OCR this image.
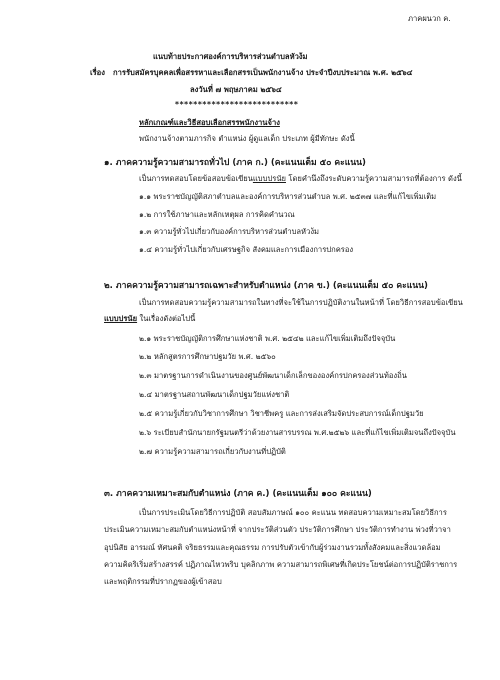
ภาคผนวก ค.
แนบท้ายประกาศองค์การบริหารส่วนตำบลหัวง้ม
เรื่อง การรับสมัครบุคคลเพื่อสรรหาและเลือกสรรเป็นพนักงานจ้าง ประจำปีงบประมาณ พ.ศ. ๒๕๖๔
ลงวันที่ ๗ พฤษภาคม ๒๕๖๔
***************************
หลักเกณฑ์และวิธีสอบเลือกสรรพนักงานจ้าง
พนักงานจ้างตามภารกิจ ตำแหน่ง ผู้ดูแลเด็ก ประเภท ผู้มีทักษะ ดังนี้
๑. ภาคความรู้ความสามารถทั่วไป (ภาค ก.) (คะแนนเต็ม ๕๐ คะแนน)
เป็นการทดสอบโดยข้อสอบข้อเขียนแบบปรนัย โดยคำนึงถึงระดับความรู้ความสามารถที่ต้องการ ดังนี้
๑.๑ พระราชบัญญัติสภาตำบลและองค์การบริหารส่วนตำบล พ.ศ. ๒๕๓๗ และที่แก้ไขเพิ่มเติม
๑.๒ การใช้ภาษาและหลักเหตุผล การคิดคำนวณ
๑.๓ ความรู้ทั่วไปเกี่ยวกับองค์การบริหารส่วนตำบลหัวง้ม
๑.๔ ความรู้ทั่วไปเกี่ยวกับเศรษฐกิจ สังคมและการเมืองการปกครอง
๒. ภาคความรู้ความสามารถเฉพาะสำหรับตำแหน่ง (ภาค ข.) (คะแนนเต็ม ๕๐ คะแนน)
เป็นการทดสอบความรู้ความสามารถในทางที่จะใช้ในการปฏิบัติงานในหน้าที่ โดยวิธีการสอบข้อเขียน
แบบปรนัย ในเรื่องดังต่อไปนี้
๒.๑ พระราชบัญญัติการศึกษาแห่งชาติ พ.ศ. ๒๕๔๒ และแก้ไขเพิ่มเติมถึงปัจจุบัน
๒.๒ หลักสูตรการศึกษาปฐมวัย พ.ศ. ๒๕๖๐
๒.๓ มาตรฐานการดำเนินงานของศูนย์พัฒนาเด็กเล็กขององค์กรปกครองส่วนท้องถิ่น
๒.๔ มาตรฐานสถานพัฒนาเด็กปฐมวัยแห่งชาติ
๒.๕ ความรู้เกี่ยวกับวิชาการศึกษา วิชาชีพครู และการส่งเสริมจัดประสบการณ์เด็กปฐมวัย
๒.๖ ระเบียบสำนักนายกรัฐมนตรีว่าด้วยงานสารบรรณ พ.ศ.๒๕๒๖ และที่แก้ไขเพิ่มเติมจนถึงปัจจุบัน
๒.๗ ความรู้ความสามารถเกี่ยวกับงานที่ปฏิบัติ
๓. ภาคความเหมาะสมกับตำแหน่ง (ภาค ค.) (คะแนนเต็ม ๑๐๐ คะแนน)
เป็นการประเมินโดยวิธีการปฏิบัติ สอบสัมภาษณ์ ๑๐๐ คะแนน ทดสอบความเหมาะสมโดยวิธีการ
ประเมินความเหมาะสมกับตำแหน่งหน้าที่ จากประวัติส่วนตัว ประวัติการศึกษา ประวัติการทำงาน พ่วงที่วาจา
อุปนิสัย อารมณ์ ทัศนคติ จริยธรรมและคุณธรรม การปรับตัวเข้ากับผู้ร่วมงานรวมทั้งสังคมและสิ่งแวดล้อม
ความคิดริเริ่มสร้างสรรค์ ปฏิภาณไหวพริบ บุคลิกภาพ ความสามารถพิเศษที่เกิดประโยชน์ต่อการปฏิบัติราชการ
และพฤติกรรมที่ปรากฏของผู้เข้าสอบ
